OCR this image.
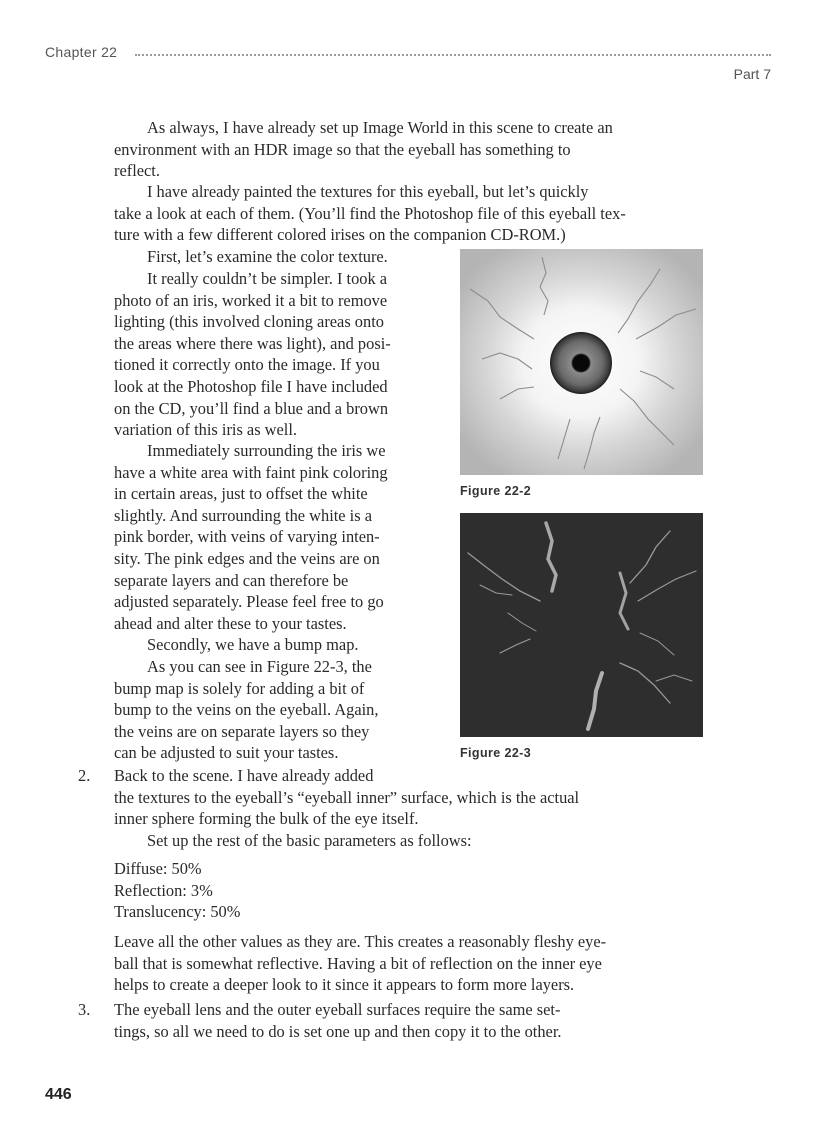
Chapter 22
Part 7
As always, I have already set up Image World in this scene to create an
environment with an HDR image so that the eyeball has something to
reflect.
I have already painted the textures for this eyeball, but let’s quickly
take a look at each of them. (You’ll find the Photoshop file of this eyeball tex-
ture with a few different colored irises on the companion CD-ROM.)
First, let’s examine the color texture.
It really couldn’t be simpler. I took a
photo of an iris, worked it a bit to remove
lighting (this involved cloning areas onto
the areas where there was light), and posi-
tioned it correctly onto the image. If you
look at the Photoshop file I have included
on the CD, you’ll find a blue and a brown
variation of this iris as well.
Immediately surrounding the iris we
have a white area with faint pink coloring
in certain areas, just to offset the white
slightly. And surrounding the white is a
pink border, with veins of varying inten-
sity. The pink edges and the veins are on
separate layers and can therefore be
adjusted separately. Please feel free to go
ahead and alter these to your tastes.
Secondly, we have a bump map.
As you can see in Figure 22-3, the
bump map is solely for adding a bit of
bump to the veins on the eyeball. Again,
the veins are on separate layers so they
can be adjusted to suit your tastes.
Figure 22-2
Figure 22-3
2. Back to the scene. I have already added
the textures to the eyeball’s “eyeball inner” surface, which is the actual
inner sphere forming the bulk of the eye itself.
Set up the rest of the basic parameters as follows:
Diffuse: 50%
Reflection: 3%
Translucency: 50%
Leave all the other values as they are. This creates a reasonably fleshy eye-
ball that is somewhat reflective. Having a bit of reflection on the inner eye
helps to create a deeper look to it since it appears to form more layers.
3. The eyeball lens and the outer eyeball surfaces require the same set-
tings, so all we need to do is set one up and then copy it to the other.
446
